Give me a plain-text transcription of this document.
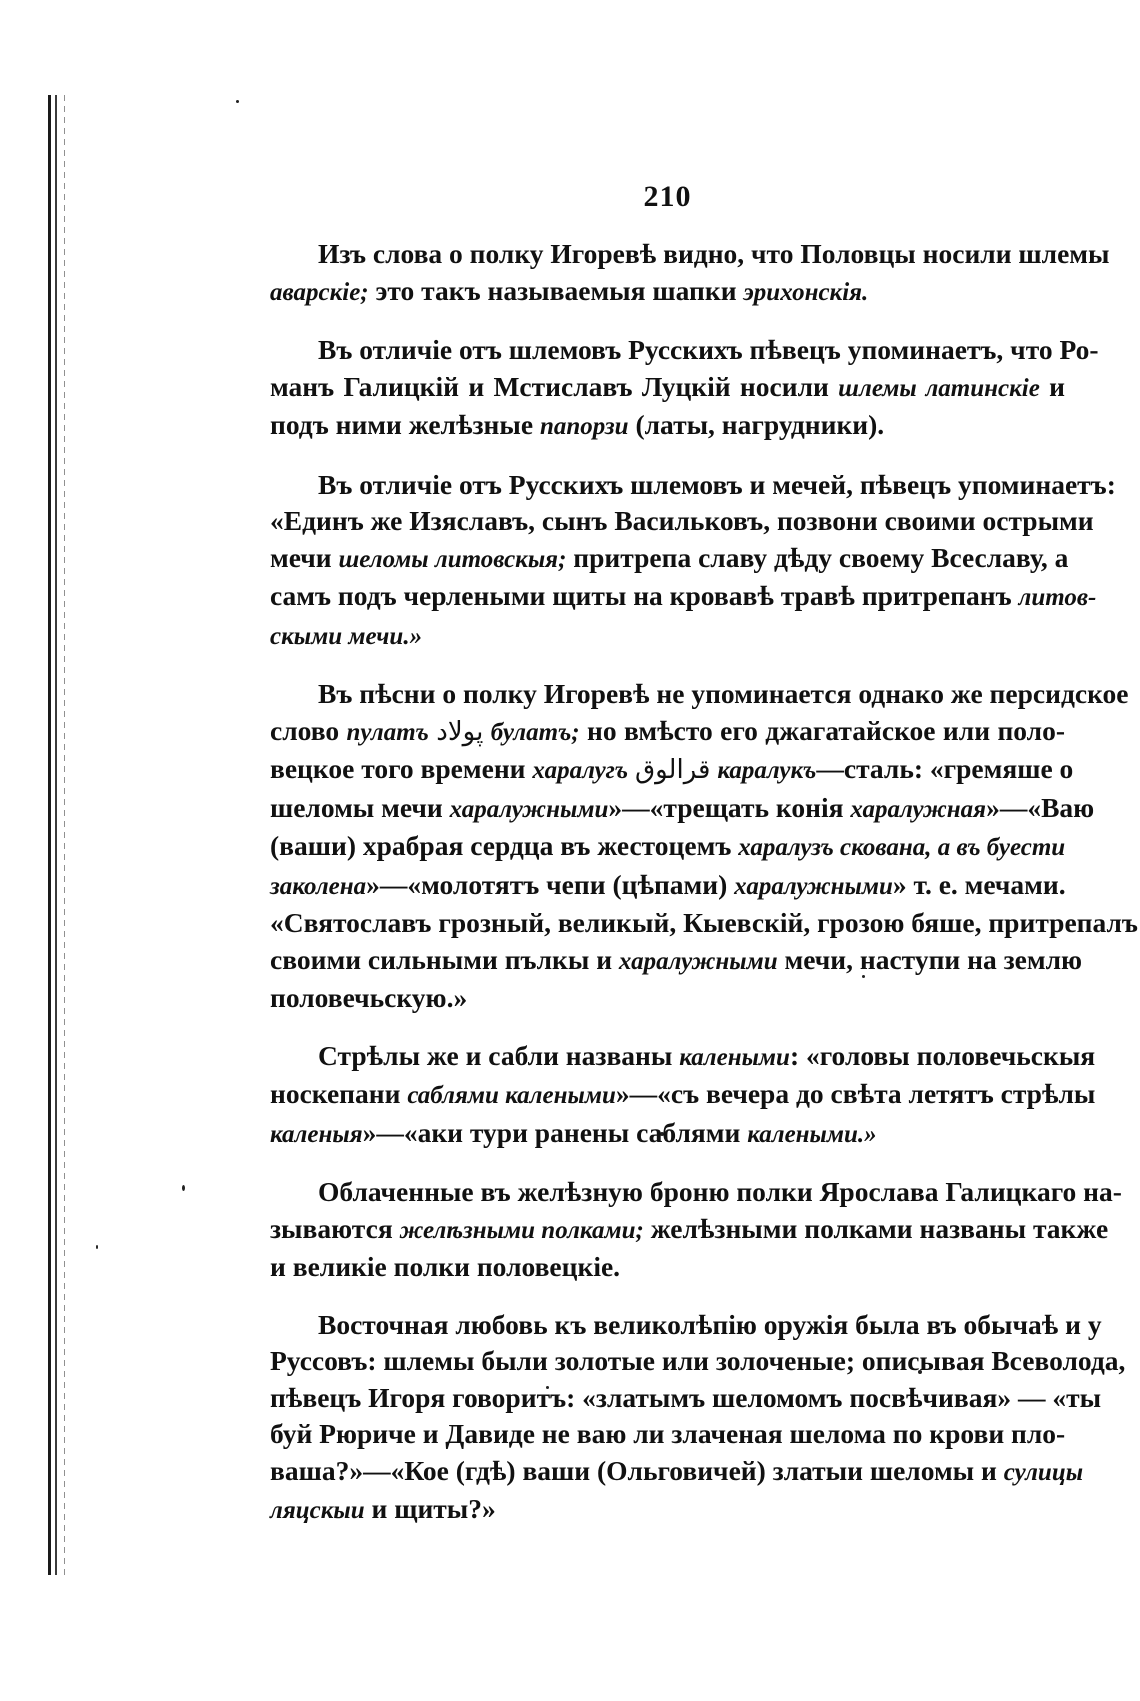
210

Изъ слова о полку Игоревѣ видно, что Половцы носили шлемы
аварскіе; это такъ называемыя шапки эрихонскія.

Въ отличіе отъ шлемовъ Русскихъ пѣвецъ упоминаетъ, что Ро-
манъ Галицкій и Мстиславъ Луцкій носили шлемы латинскіе и
подъ ними желѣзные папорзи (латы, нагрудники).

Въ отличіе отъ Русскихъ шлемовъ и мечей, пѣвецъ упоминаетъ:
«Единъ же Изяславъ, сынъ Васильковъ, позвони своими острыми
мечи шеломы литовскыя; притрепа славу дѣду своему Всеславу, а
самъ подъ черлеными щиты на кровавѣ травѣ притрепанъ литов-
скыми мечи.»

Въ пѣсни о полку Игоревѣ не упоминается однако же персидское
слово пулатъ پولاد булатъ; но вмѣсто его джагатайское или поло-
вецкое того времени харалугъ قرالوق каралукъ—сталь: «гремяше о
шеломы мечи харалужными»—«трещать конія харалужная»—«Ваю
(ваши) храбрая сердца въ жестоцемъ харалузъ скована, а въ буести
заколена»—«молотятъ чепи (цѣпами) харалужными» т. е. мечами.
«Святославъ грозный, великый, Кыевскій, грозою бяше, притрепалъ
своими сильными пълкы и харалужными мечи, наступи на землю
половечьскую.»

Стрѣлы же и сабли названы калеными: «головы половечьскыя
носкепани саблями калеными»—«съ вечера до свѣта летятъ стрѣлы
каленыя»—«аки тури ранены саблями калеными.»

Облаченные въ желѣзную броню полки Ярослава Галицкаго на-
зываются желѣзными полками; желѣзными полками названы также
и великіе полки половецкіе.

Восточная любовь къ великолѣпію оружія была въ обычаѣ и у
Руссовъ: шлемы были золотые или золоченые; описывая Всеволода,
пѣвецъ Игоря говоритъ: «златымъ шеломомъ посвѣчивая» — «ты
буй Рюриче и Давиде не ваю ли злаченая шелома по крови пло-
ваша?»—«Кое (гдѣ) ваши (Ольговичей) златыи шеломы и сулицы
ляцскыи и щиты?»
